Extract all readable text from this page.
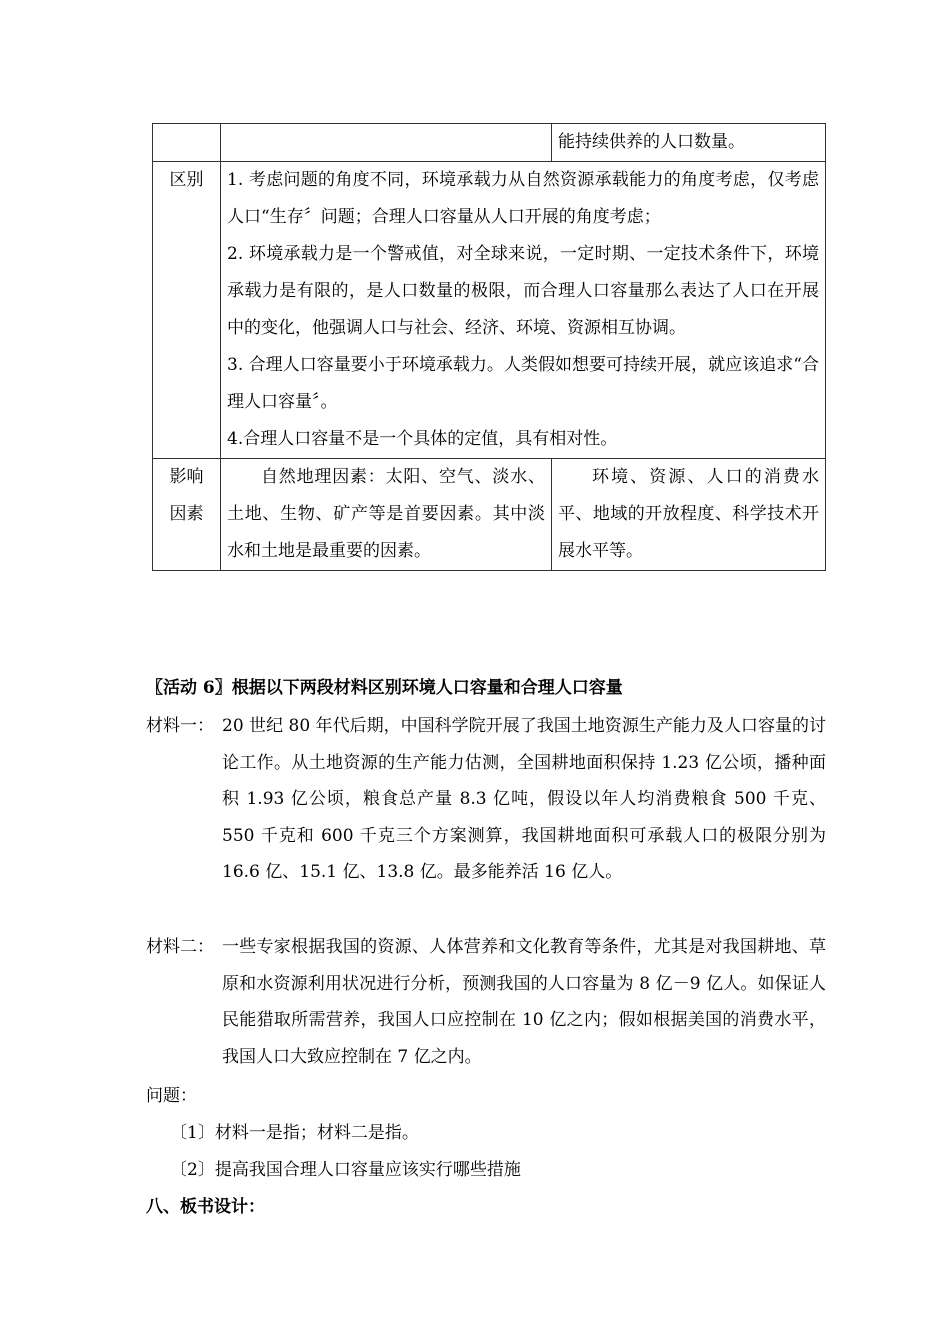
		能持续供养的人口数量。
区别	1. 考虑问题的角度不同，环境承载力从自然资源承载能力的角度考虑，仅考虑人口“生存〞问题；合理人口容量从人口开展的角度考虑；
2. 环境承载力是一个警戒值，对全球来说，一定时期、一定技术条件下，环境承载力是有限的，是人口数量的极限，而合理人口容量那么表达了人口在开展中的变化，他强调人口与社会、经济、环境、资源相互协调。
3. 合理人口容量要小于环境承载力。人类假如想要可持续开展，就应该追求“合理人口容量〞。
4.合理人口容量不是一个具体的定值，具有相对性。	

影响因素	自然地理因素：太阳、空气、淡水、土地、生物、矿产等是首要因素。其中淡水和土地是最重要的因素。	环境、资源、人口的消费水平、地域的开放程度、科学技术开展水平等。
〖活动 6〗根据以下两段材料区别环境人口容量和合理人口容量
材料一： 20 世纪 80 年代后期，中国科学院开展了我国土地资源生产能力及人口容量的讨论工作。从土地资源的生产能力估测，全国耕地面积保持 1.23 亿公顷，播种面积 1.93 亿公顷，粮食总产量 8.3 亿吨，假设以年人均消费粮食 500 千克、550 千克和 600 千克三个方案测算，我国耕地面积可承载人口的极限分别为 16.6 亿、15.1 亿、13.8 亿。最多能养活 16 亿人。
材料二： 一些专家根据我国的资源、人体营养和文化教育等条件，尤其是对我国耕地、草原和水资源利用状况进行分析，预测我国的人口容量为 8 亿－9 亿人。如保证人民能猎取所需营养，我国人口应控制在 10 亿之内；假如根据美国的消费水平，我国人口大致应控制在 7 亿之内。
问题：
〔1〕材料一是指；材料二是指。
〔2〕提高我国合理人口容量应该实行哪些措施
八、板书设计：
